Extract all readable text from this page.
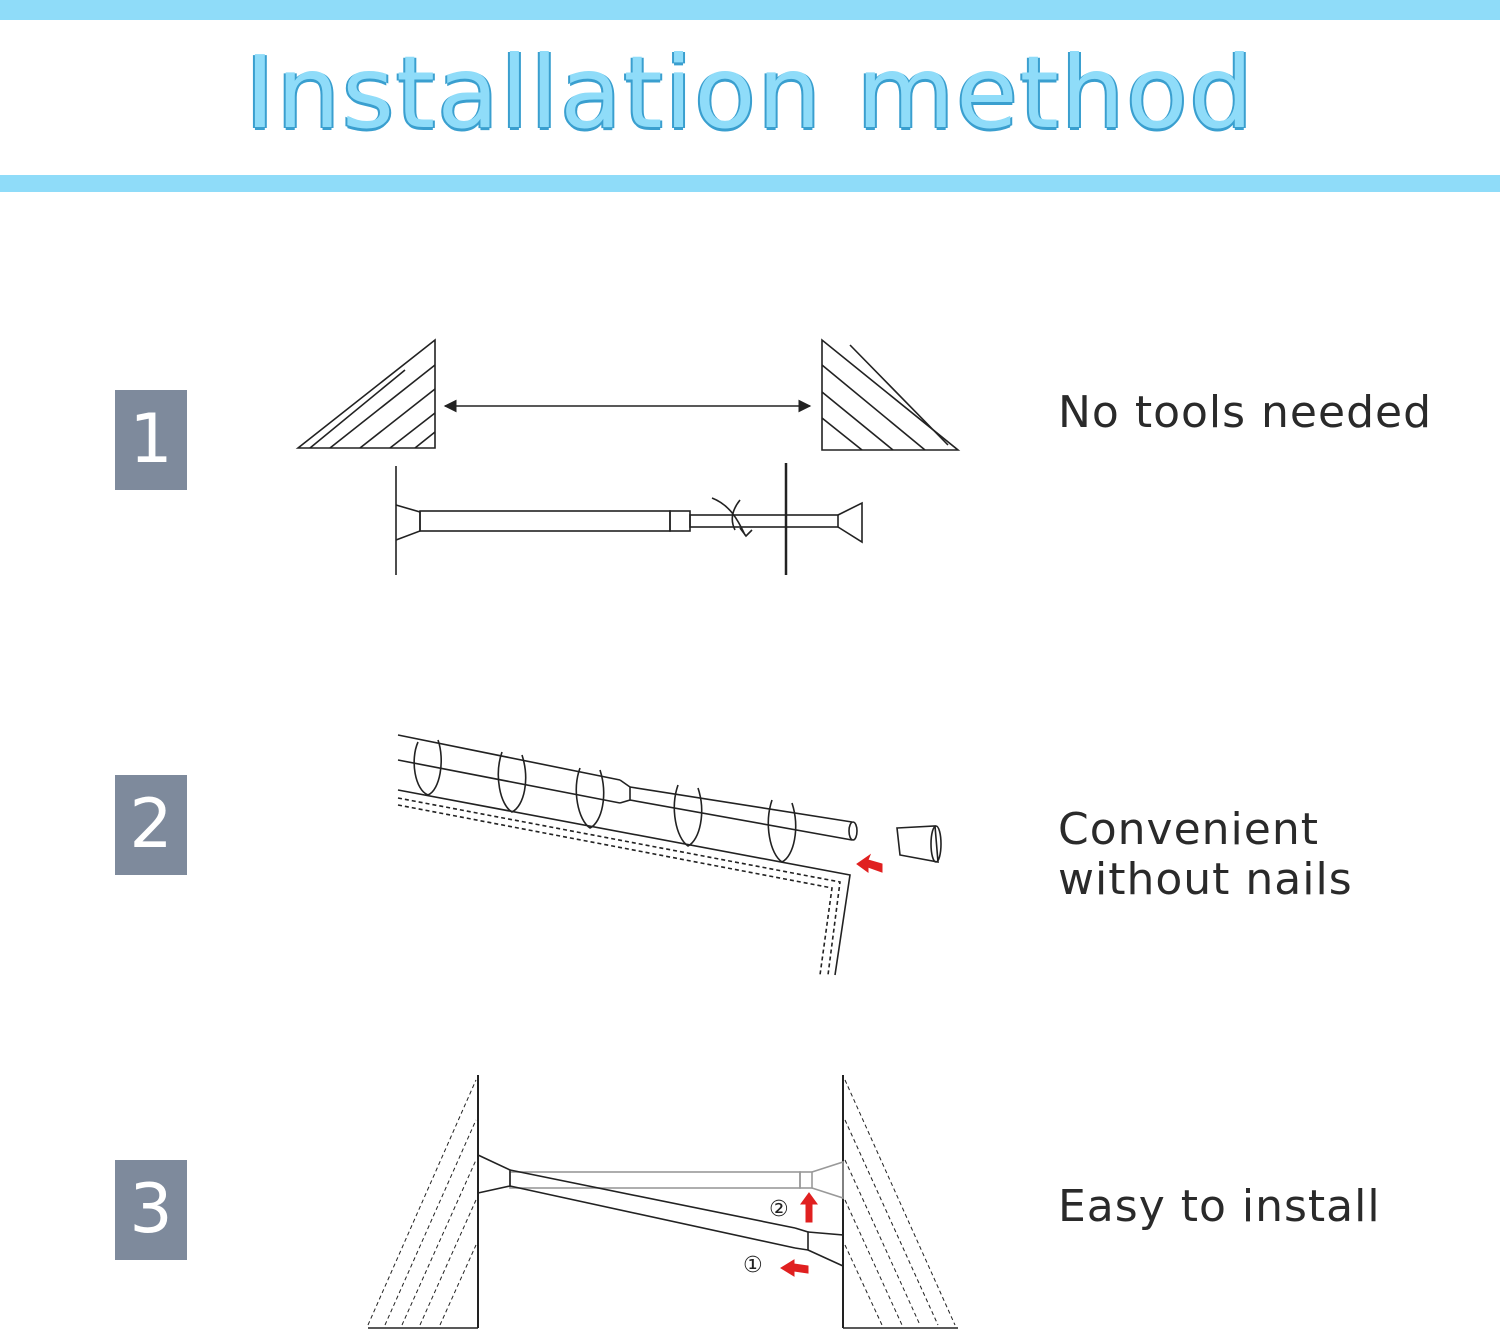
Installation method
1	No tools needed
2	Convenient
without nails
3	Easy to install
②
①
